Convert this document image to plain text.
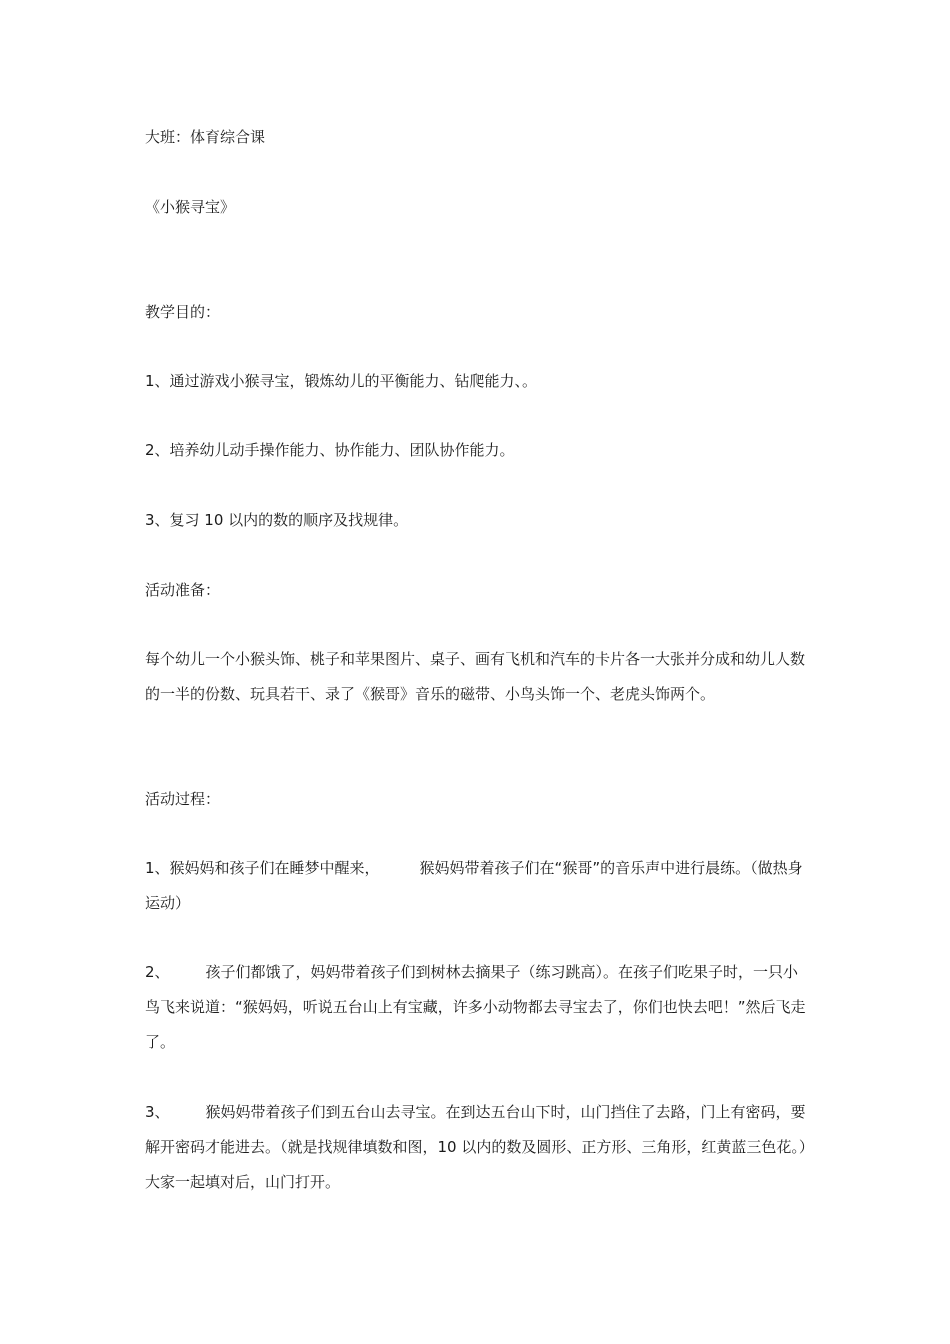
大班：体育综合课

《小猴寻宝》

教学目的：

1、通过游戏小猴寻宝，锻炼幼儿的平衡能力、钻爬能力、。

2、培养幼儿动手操作能力、协作能力、团队协作能力。

3、复习 10 以内的数的顺序及找规律。

活动准备：

每个幼儿一个小猴头饰、桃子和苹果图片、桌子、画有飞机和汽车的卡片各一大张并分成和幼儿人数的一半的份数、玩具若干、录了《猴哥》音乐的磁带、小鸟头饰一个、老虎头饰两个。

活动过程：

1、猴妈妈和孩子们在睡梦中醒来，	猴妈妈带着孩子们在“猴哥”的音乐声中进行晨练。（做热身运动）

2、 孩子们都饿了，妈妈带着孩子们到树林去摘果子（练习跳高）。在孩子们吃果子时，一只小鸟飞来说道：“猴妈妈，听说五台山上有宝藏，许多小动物都去寻宝去了，你们也快去吧！”然后飞走了。

3、 猴妈妈带着孩子们到五台山去寻宝。在到达五台山下时，山门挡住了去路，门上有密码，要解开密码才能进去。（就是找规律填数和图，10 以内的数及圆形、正方形、三角形，红黄蓝三色花。）大家一起填对后，山门打开。
